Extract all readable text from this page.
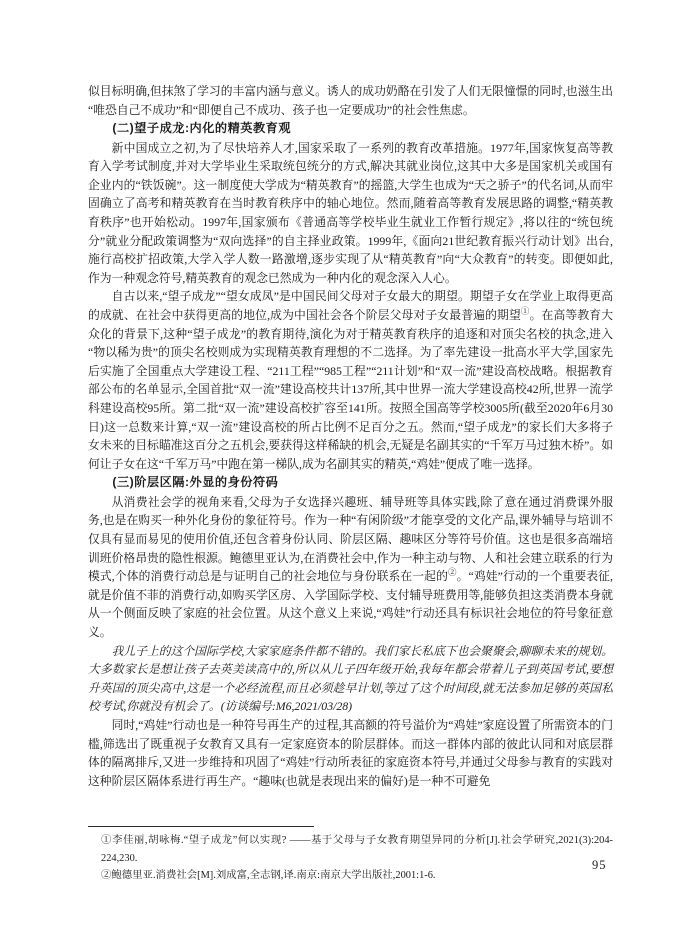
似目标明确,但抹煞了学习的丰富内涵与意义。诱人的成功奶酪在引发了人们无限憧憬的同时,也滋生出“唯恐自己不成功”和“即便自己不成功、孩子也一定要成功”的社会性焦虑。

(二)望子成龙:内化的精英教育观

新中国成立之初,为了尽快培养人才,国家采取了一系列的教育改革措施。1977年,国家恢复高等教育入学考试制度,并对大学毕业生采取统包统分的方式,解决其就业岗位,这其中大多是国家机关或国有企业内的“铁饭碗”。这一制度使大学成为“精英教育”的摇篮,大学生也成为“天之骄子”的代名词,从而牢固确立了高考和精英教育在当时教育秩序中的轴心地位。然而,随着高等教育发展思路的调整,“精英教育秩序”也开始松动。1997年,国家颁布《普通高等学校毕业生就业工作暂行规定》,将以往的“统包统分”就业分配政策调整为“双向选择”的自主择业政策。1999年,《面向21世纪教育振兴行动计划》出台,施行高校扩招政策,大学入学人数一路激增,逐步实现了从“精英教育”向“大众教育”的转变。即便如此,作为一种观念符号,精英教育的观念已然成为一种内化的观念深入人心。

自古以来,“望子成龙”“望女成凤”是中国民间父母对子女最大的期望。期望子女在学业上取得更高的成就、在社会中获得更高的地位,成为中国社会各个阶层父母对子女最普遍的期望①。在高等教育大众化的背景下,这种“望子成龙”的教育期待,演化为对于精英教育秩序的追逐和对顶尖名校的执念,进入“物以稀为贵”的顶尖名校则成为实现精英教育理想的不二选择。为了率先建设一批高水平大学,国家先后实施了全国重点大学建设工程、“211工程”“985工程”“211计划”和“双一流”建设高校战略。根据教育部公布的名单显示,全国首批“双一流”建设高校共计137所,其中世界一流大学建设高校42所,世界一流学科建设高校95所。第二批“双一流”建设高校扩容至141所。按照全国高等学校3005所(截至2020年6月30日)这一总数来计算,“双一流”建设高校的所占比例不足百分之五。然而,“望子成龙”的家长们大多将子女未来的目标瞄准这百分之五机会,要获得这样稀缺的机会,无疑是名副其实的“千军万马过独木桥”。如何让子女在这“千军万马”中跑在第一梯队,成为名副其实的精英,“鸡娃”便成了唯一选择。

(三)阶层区隔:外显的身份符码

从消费社会学的视角来看,父母为子女选择兴趣班、辅导班等具体实践,除了意在通过消费课外服务,也是在购买一种外化身份的象征符号。作为一种“有闲阶级”才能享受的文化产品,课外辅导与培训不仅具有显而易见的使用价值,还包含着身份认同、阶层区隔、趣味区分等符号价值。这也是很多高端培训班价格昂贵的隐性根源。鲍德里亚认为,在消费社会中,作为一种主动与物、人和社会建立联系的行为模式,个体的消费行动总是与证明自己的社会地位与身份联系在一起的②。“鸡娃”行动的一个重要表征,就是价值不菲的消费行动,如购买学区房、入学国际学校、支付辅导班费用等,能够负担这类消费本身就从一个侧面反映了家庭的社会位置。从这个意义上来说,“鸡娃”行动还具有标识社会地位的符号象征意义。

我儿子上的这个国际学校,大家家庭条件都不错的。我们家长私底下也会聚聚会,聊聊未来的规划。大多数家长是想让孩子去英美读高中的,所以从儿子四年级开始,我每年都会带着儿子到英国考试,要想升英国的顶尖高中,这是一个必经流程,而且必须趁早计划,等过了这个时间段,就无法参加足够的英国私校考试,你就没有机会了。(访谈编号:M6,2021/03/28)

同时,“鸡娃”行动也是一种符号再生产的过程,其高额的符号溢价为“鸡娃”家庭设置了所需资本的门槛,筛选出了既重视子女教育又具有一定家庭资本的阶层群体。而这一群体内部的彼此认同和对底层群体的隔离排斥,又进一步维持和巩固了“鸡娃”行动所表征的家庭资本符号,并通过父母参与教育的实践对这种阶层区隔体系进行再生产。“趣味(也就是表现出来的偏好)是一种不可避免

①李佳丽,胡咏梅.“望子成龙”何以实现? ——基于父母与子女教育期望异同的分析[J].社会学研究,2021(3):204-224,230.

②鲍德里亚.消费社会[M].刘成富,全志钢,译.南京:南京大学出版社,2001:1-6.

95
